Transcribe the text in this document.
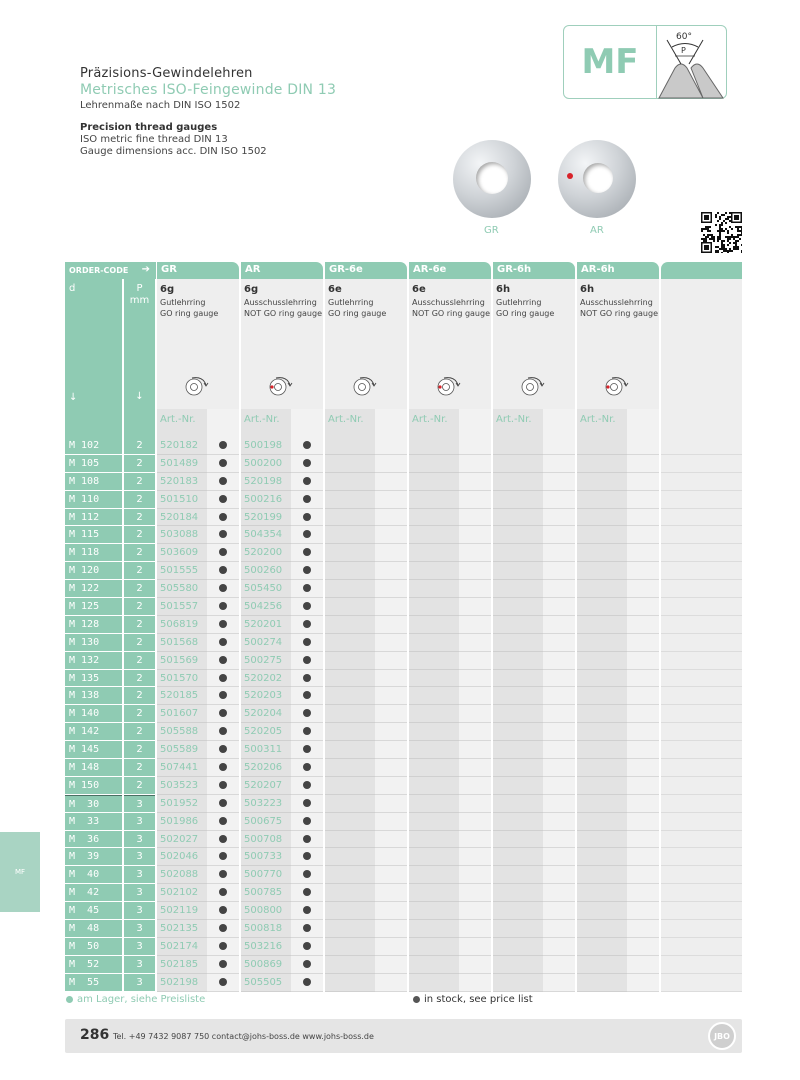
Präzisions-Gewindelehren
Metrisches ISO-Feingewinde DIN 13
Lehrenmaße nach DIN ISO 1502
Precision thread gauges
ISO metric fine thread DIN 13
Gauge dimensions acc. DIN ISO 1502
MF
60°
P
GR	AR
MF
ORDER-CODE ➔	GR	AR	GR-6e	AR-6e	GR-6h	AR-6h
d
↓
P
mm
↓
6g
Gutlehrring
GO ring gauge
6g
Ausschusslehrring
NOT GO ring gauge
6e
Gutlehrring
GO ring gauge
6e
Ausschusslehrring
NOT GO ring gauge
6h
Gutlehrring
GO ring gauge
6h
Ausschusslehrring
NOT GO ring gauge
Art.-Nr.	Art.-Nr.	Art.-Nr.	Art.-Nr.	Art.-Nr.	Art.-Nr.
M 102	2	520182	500198
M 105	2	501489	500200
M 108	2	520183	520198
M 110	2	501510	500216
M 112	2	520184	520199
M 115	2	503088	504354
M 118	2	503609	520200
M 120	2	501555	500260
M 122	2	505580	505450
M 125	2	501557	504256
M 128	2	506819	520201
M 130	2	501568	500274
M 132	2	501569	500275
M 135	2	501570	520202
M 138	2	520185	520203
M 140	2	501607	520204
M 142	2	505588	520205
M 145	2	505589	500311
M 148	2	507441	520206
M 150	2	503523	520207
M  30	3	501952	503223
M  33	3	501986	500675
M  36	3	502027	500708
M  39	3	502046	500733
M  40	3	502088	500770
M  42	3	502102	500785
M  45	3	502119	500800
M  48	3	502135	500818
M  50	3	502174	503216
M  52	3	502185	500869
M  55	3	502198	505505
am Lager, siehe Preisliste	in stock, see price list
286 Tel. +49 7432 9087 750 contact@johs-boss.de www.johs-boss.de	JBO
